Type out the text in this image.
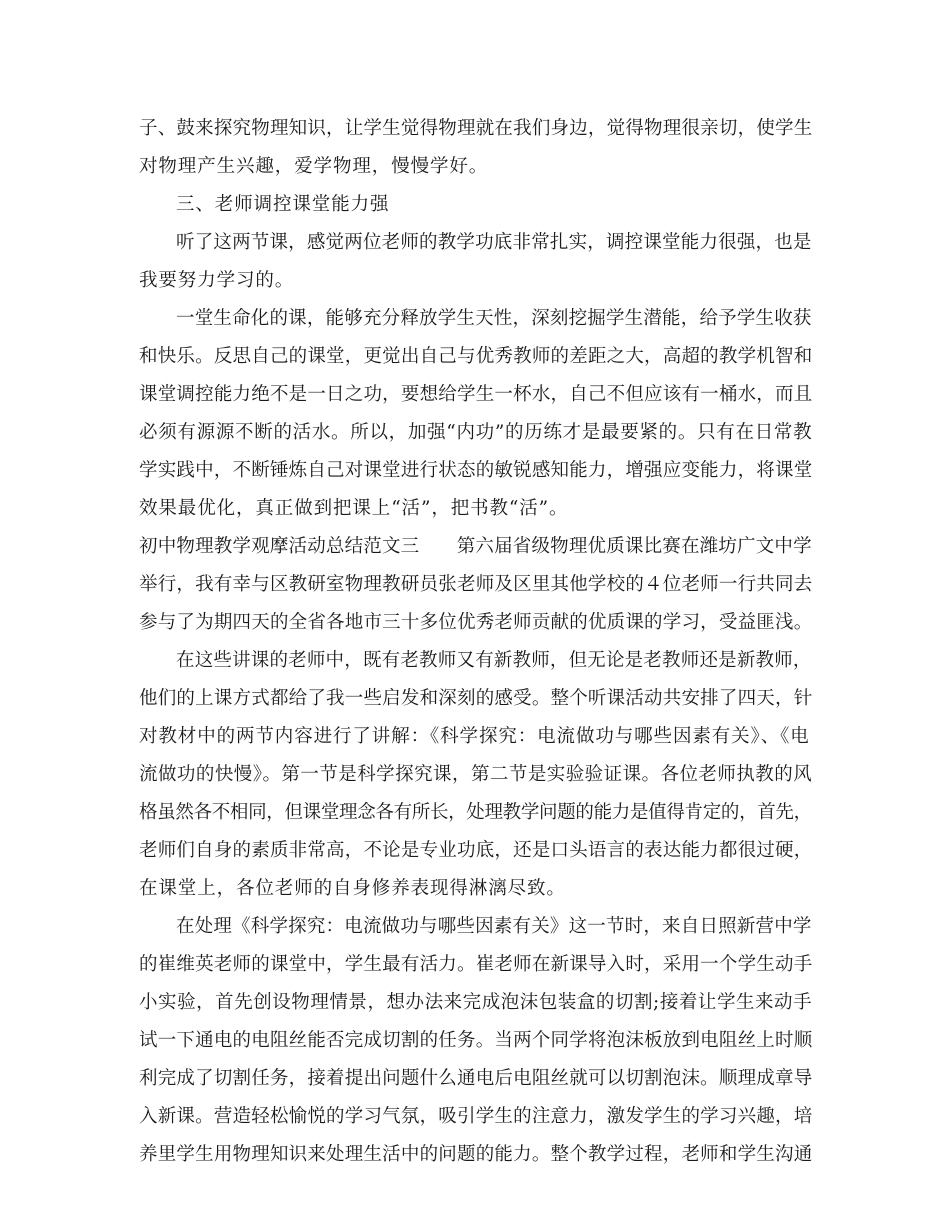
子、鼓来探究物理知识，让学生觉得物理就在我们身边，觉得物理很亲切，使学生
对物理产生兴趣，爱学物理，慢慢学好。
三、老师调控课堂能力强
听了这两节课，感觉两位老师的教学功底非常扎实，调控课堂能力很强，也是
我要努力学习的。
一堂生命化的课，能够充分释放学生天性，深刻挖掘学生潜能，给予学生收获
和快乐。反思自己的课堂，更觉出自己与优秀教师的差距之大，高超的教学机智和
课堂调控能力绝不是一日之功，要想给学生一杯水，自己不但应该有一桶水，而且
必须有源源不断的活水。所以，加强“内功”的历练才是最要紧的。只有在日常教
学实践中，不断锤炼自己对课堂进行状态的敏锐感知能力，增强应变能力，将课堂
效果最优化，真正做到把课上“活”，把书教“活”。
初中物理教学观摩活动总结范文三　　第六届省级物理优质课比赛在潍坊广文中学
举行，我有幸与区教研室物理教研员张老师及区里其他学校的４位老师一行共同去
参与了为期四天的全省各地市三十多位优秀老师贡献的优质课的学习，受益匪浅。
在这些讲课的老师中，既有老教师又有新教师，但无论是老教师还是新教师，
他们的上课方式都给了我一些启发和深刻的感受。整个听课活动共安排了四天，针
对教材中的两节内容进行了讲解：《科学探究：电流做功与哪些因素有关》、《电
流做功的快慢》。第一节是科学探究课，第二节是实验验证课。各位老师执教的风
格虽然各不相同，但课堂理念各有所长，处理教学问题的能力是值得肯定的，首先，
老师们自身的素质非常高，不论是专业功底，还是口头语言的表达能力都很过硬，
在课堂上，各位老师的自身修养表现得淋漓尽致。
在处理《科学探究：电流做功与哪些因素有关》这一节时，来自日照新营中学
的崔维英老师的课堂中，学生最有活力。崔老师在新课导入时，采用一个学生动手
小实验，首先创设物理情景，想办法来完成泡沫包装盒的切割;接着让学生来动手
试一下通电的电阻丝能否完成切割的任务。当两个同学将泡沫板放到电阻丝上时顺
利完成了切割任务，接着提出问题什么通电后电阻丝就可以切割泡沫。顺理成章导
入新课。营造轻松愉悦的学习气氛，吸引学生的注意力，激发学生的学习兴趣，培
养里学生用物理知识来处理生活中的问题的能力。整个教学过程，老师和学生沟通
